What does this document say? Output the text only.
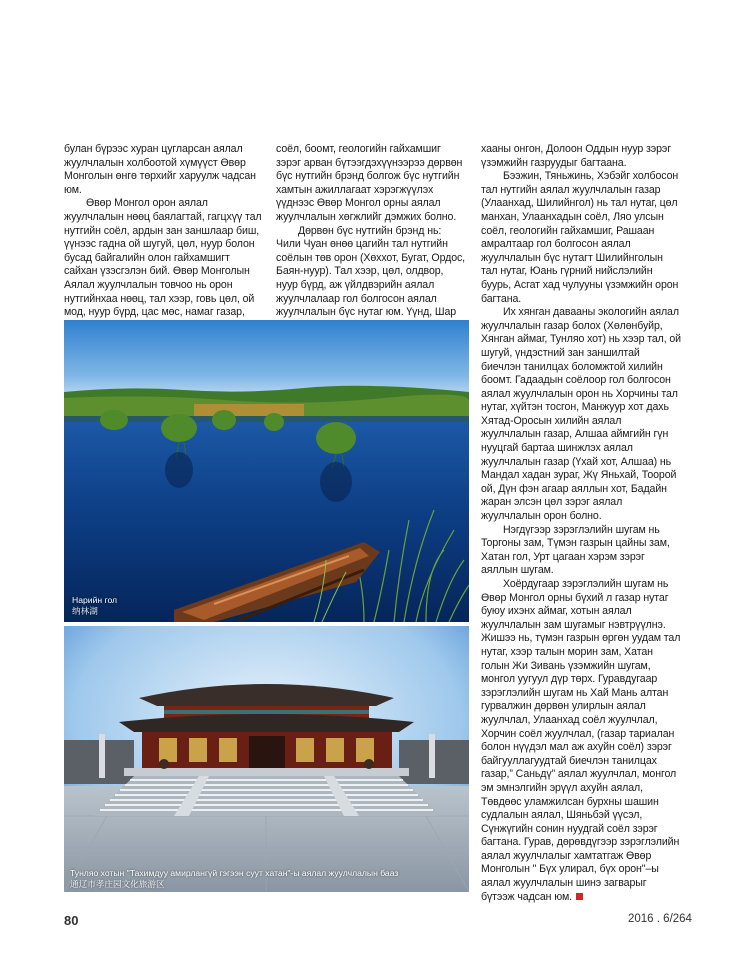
булан бүрээс хуран цугларсан аялал жуулчлалын холбоотой хүмүүст Өвөр Монголын өнгө төрхийг харуулж чадсан юм.

Өвөр Монгол орон аялал жуулчлалын нөөц баялагтай, гагцхүү тал нутгийн соёл, ардын зан заншлаар биш, үүнээс гадна ой шугуй, цөл, нуур болон бусад байгалийн олон гайхамшигт сайхан үзэсгэлэн бий. Өвөр Монголын Аялал жуулчлалын товчоо нь орон нутгийнхаа нөөц, тал хээр, говь цөл, ой мод, нуур бүрд, цас мөс, намаг газар,

соёл, боомт, геологийн гайхамшиг зэрэг арван бүтээгдэхүүнээрээ дөрвөн бүс нутгийн брэнд болгож бүс нутгийн хамтын ажиллагаат хэрэгжүүлэх үүднээс Өвөр Монгол орны аялал жуулчлалын хөгжлийг дэмжих болно.

Дөрвөн бүс нутгийн брэнд нь: Чили Чуан өнөө цагийн тал нутгийн соёлын төв орон (Хөххот, Бугат, Ордос, Баян-нуур). Тал хээр, цөл, олдвор, нуур бүрд, аж үйлдвэрийн аялал жуулчлалаар гол болгосон аялал жуулчлалын бүс нутаг юм. Үүнд, Шар

хааны онгон, Долоон Оддын нуур зэрэг үзэмжийн газруудыг багтаана.

Бээжин, Тяньжинь, Хэбэйг холбосон тал нутгийн аялал жуулчлалын газар (Улаанхад, Шилийнгол) нь тал нутаг, цөл манхан, Улаанхадын соёл, Ляо улсын соёл, геологийн гайхамшиг, Рашаан амралтаар гол болгосон аялал жуулчлалын бүс нутагт Шилийнголын тал нутаг, Юань гүрний нийслэлийн буурь, Асгат хад чулууны үзэмжийн орон багтана.

Их хянган давааны экологийн аялал жуулчлалын газар болох (Хөлөнбуйр, Хянган аймаг, Тунляо хот) нь хээр тал, ой шугуй, үндэстний зан заншилтай биечлэн танилцах боломжтой хилийн боомт. Гадаадын соёлоор гол болгосон аялал жуулчлалын орон нь Хорчины тал нутаг, хүйтэн тосгон, Манжуур хот дахь Хятад-Оросын хилийн аялал жуулчлалын газар, Алшаа аймгийн гүн нууцгай бартаа шинжлэх аялал жуулчлалын газар (Үхай хот, Алшаа) нь Мандал хадан зураг, Жү Яньхай, Тоорой ой, Дүн фэн агаар аяллын хот, Бадайн жаран элсэн цөл зэрэг аялал жуулчлалын орон болно.

Нэгдүгээр зэрэглэлийн шугам нь Торгоны зам, Түмэн газрын цайны зам, Хатан гол, Урт цагаан хэрэм зэрэг аяллын шугам.

Хоёрдугаар зэрэглэлийн шугам нь Өвөр Монгол орны бүхий л газар нутаг буюу ихэнх аймаг, хотын аялал жуулчлалын зам шугамыг нэвтрүүлнэ. Жишээ нь, түмэн газрын өргөн уудам тал нутаг, хээр талын морин зам, Хатан голын Жи Зивань үзэмжийн шугам, монгол уугуул дүр төрх. Гуравдугаар зэрэглэлийн шугам нь Хай Мань алтан гурвалжин дөрвөн улирлын аялал жуулчлал, Улаанхад соёл жуулчлал, Хорчин соёл жуулчлал, (газар тариалан болон нүүдэл мал аж ахуйн соёл) зэрэг байгууллагуудтай биечлэн танилцах газар,” Саньдү” аялал жуулчлал, монгол эм эмнэлгийн эрүүл ахуйн аялал, Төвдөөс уламжилсан бурхны шашин судлалын аялал, Шяньбэй үүсэл, Сүнжүгийн сонин нуудгай соёл зэрэг багтана. Гурав, дөрөвдүгээр зэрэглэлийн аялал жуулчлалыг хамтатгаж Өвөр Монголын " Бүх улирал, бүх орон"–ы аялал жуулчлалын шинэ загварыг бүтээж чадсан юм.

Нарийн гол
纳林湖
Тунляо хотын "Тахимдуу амирлангүй гэгээн суут хатан"-ы аялал жуулчлалын бааз
通辽市孝庄园文化旅游区
80	2016 . 6/264
